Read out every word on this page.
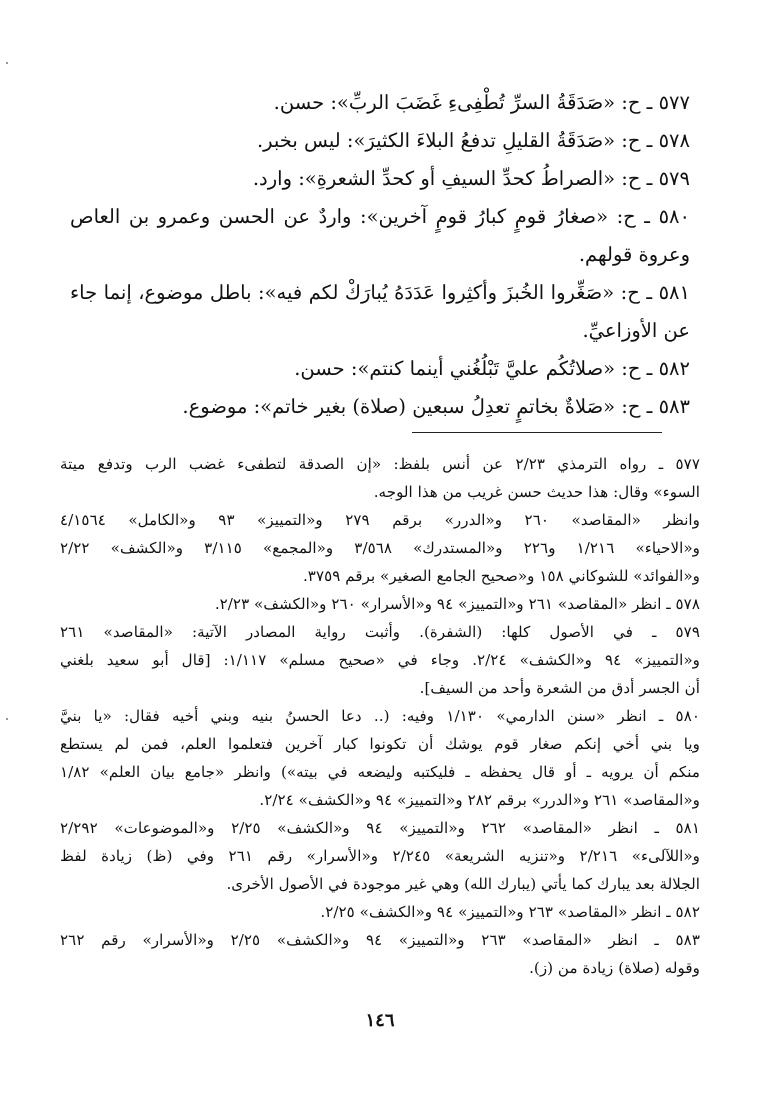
٥٧٧ ـ ح: «صَدَقَةُ السرِّ تُطْفِىءِ غَضَبَ الربِّ»: حسن.

٥٧٨ ـ ح: «صَدَقَةُ القليلِ تدفعُ البلاءَ الكثيرَ»: ليس بخبر.

٥٧٩ ـ ح: «الصراطُ كحدِّ السيفِ أو كحدِّ الشعرةِ»: وارد.

٥٨٠ ـ ح: «صغارُ قومٍ كبارُ قومٍ آخرين»: واردٌ عن الحسن وعمرو بن العاص وعروة قولهم.

٥٨١ ـ ح: «صَغِّروا الخُبزَ وأكثِروا عَدَدَهُ يُبارَكْ لكم فيه»: باطل موضوع، إنما جاء عن الأوزاعيِّ.

٥٨٢ ـ ح: «صلاتُكُم عليَّ تَبْلُغُني أينما كنتم»: حسن.

٥٨٣ ـ ح: «صَلاةٌ بخاتمٍ تعدِلُ سبعين (صلاة) بغير خاتم»: موضوع.

٥٧٧ ـ رواه الترمذي ٢/٢٣ عن أنس بلفظ: «إن الصدقة لتطفىء غضب الرب وتدفع ميتة
السوء» وقال: هذا حديث حسن غريب من هذا الوجه.
وانظر «المقاصد» ٢٦٠ و«الدرر» برقم ٢٧٩ و«التمييز» ٩٣ و«الكامل» ٤/١٥٦٤
و«الاحياء» ١/٢١٦ و٢٢٦ و«المستدرك» ٣/٥٦٨ و«المجمع» ٣/١١٥ و«الكشف» ٢/٢٢
و«الفوائد» للشوكاني ١٥٨ و«صحيح الجامع الصغير» برقم ٣٧٥٩.
٥٧٨ ـ انظر «المقاصد» ٢٦١ و«التمييز» ٩٤ و«الأسرار» ٢٦٠ و«الكشف» ٢/٢٣.
٥٧٩ ـ في الأصول كلها: (الشفرة). وأثبت رواية المصادر الآتية: «المقاصد» ٢٦١
و«التمييز» ٩٤ و«الكشف» ٢/٢٤. وجاء في «صحيح مسلم» ١/١١٧: [قال أبو سعيد بلغني
أن الجسر أدق من الشعرة وأحد من السيف].
٥٨٠ ـ انظر «سنن الدارمي» ١/١٣٠ وفيه: (.. دعا الحسنُ بنيه وبني أخيه فقال: «يا بنيَّ
ويا بني أخي إنكم صغار قوم يوشك أن تكونوا كبار آخرين فتعلموا العلم، فمن لم يستطع
منكم أن يرويه ـ أو قال يحفظه ـ فليكتبه وليضعه في بيته») وانظر «جامع بيان العلم» ١/٨٢
و«المقاصد» ٢٦١ و«الدرر» برقم ٢٨٢ و«التمييز» ٩٤ و«الكشف» ٢/٢٤.
٥٨١ ـ انظر «المقاصد» ٢٦٢ و«التمييز» ٩٤ و«الكشف» ٢/٢٥ و«الموضوعات» ٢/٢٩٢
و«اللآلىء» ٢/٢١٦ و«تنزيه الشريعة» ٢/٢٤٥ و«الأسرار» رقم ٢٦١ وفي (ظ) زيادة لفظ
الجلالة بعد يبارك كما يأتي (يبارك الله) وهي غير موجودة في الأصول الأخرى.
٥٨٢ ـ انظر «المقاصد» ٢٦٣ و«التمييز» ٩٤ و«الكشف» ٢/٢٥.
٥٨٣ ـ انظر «المقاصد» ٢٦٣ و«التمييز» ٩٤ و«الكشف» ٢/٢٥ و«الأسرار» رقم ٢٦٢
وقوله (صلاة) زيادة من (ز).
١٤٦
